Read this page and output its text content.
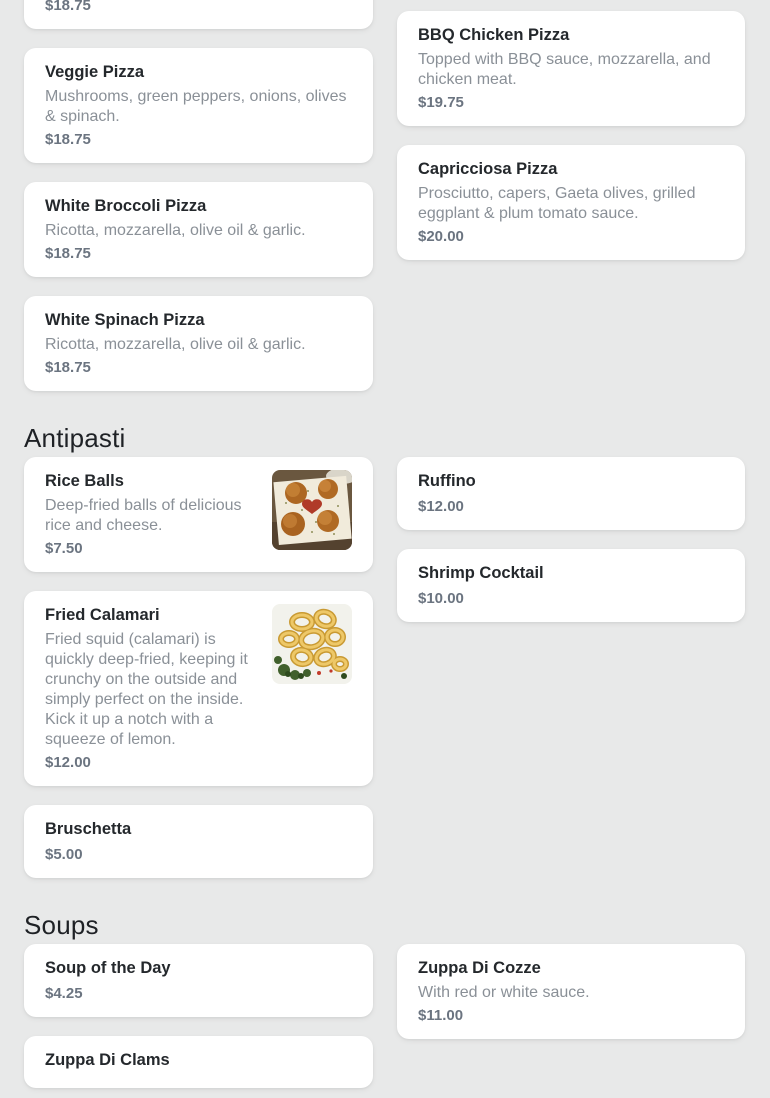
$18.75
Veggie Pizza

Mushrooms, green peppers, onions, olives & spinach.

$18.75
White Broccoli Pizza

Ricotta, mozzarella, olive oil & garlic.

$18.75
White Spinach Pizza

Ricotta, mozzarella, olive oil & garlic.

$18.75
BBQ Chicken Pizza

Topped with BBQ sauce, mozzarella, and chicken meat.

$19.75
Capricciosa Pizza

Prosciutto, capers, Gaeta olives, grilled eggplant & plum tomato sauce.

$20.00
Antipasti
Rice Balls

Deep-fried balls of delicious rice and cheese.

$7.50
Fried Calamari

Fried squid (calamari) is quickly deep-fried, keeping it crunchy on the outside and simply perfect on the inside. Kick it up a notch with a squeeze of lemon.

$12.00
Bruschetta
$5.00
Ruffino
$12.00
Shrimp Cocktail
$10.00
Soups
Soup of the Day
$4.25
Zuppa Di Clams
Zuppa Di Cozze

With red or white sauce.

$11.00
